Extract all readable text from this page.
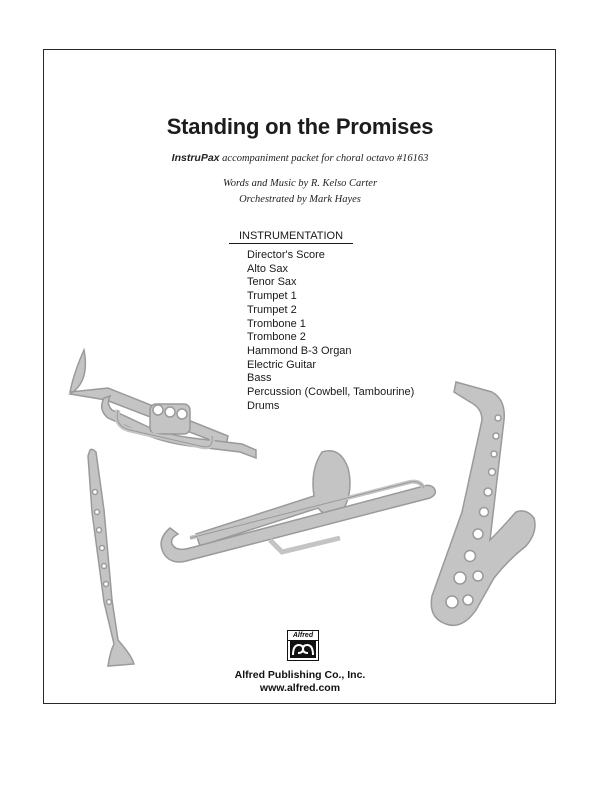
Standing on the Promises
InstruPax accompaniment packet for choral octavo #16163
Words and Music by R. Kelso Carter
Orchestrated by Mark Hayes
INSTRUMENTATION
Director's Score
Alto Sax
Tenor Sax
Trumpet 1
Trumpet 2
Trombone 1
Trombone 2
Hammond B-3 Organ
Electric Guitar
Bass
Percussion (Cowbell, Tambourine)
Drums
Alfred
Alfred Publishing Co., Inc.
www.alfred.com
